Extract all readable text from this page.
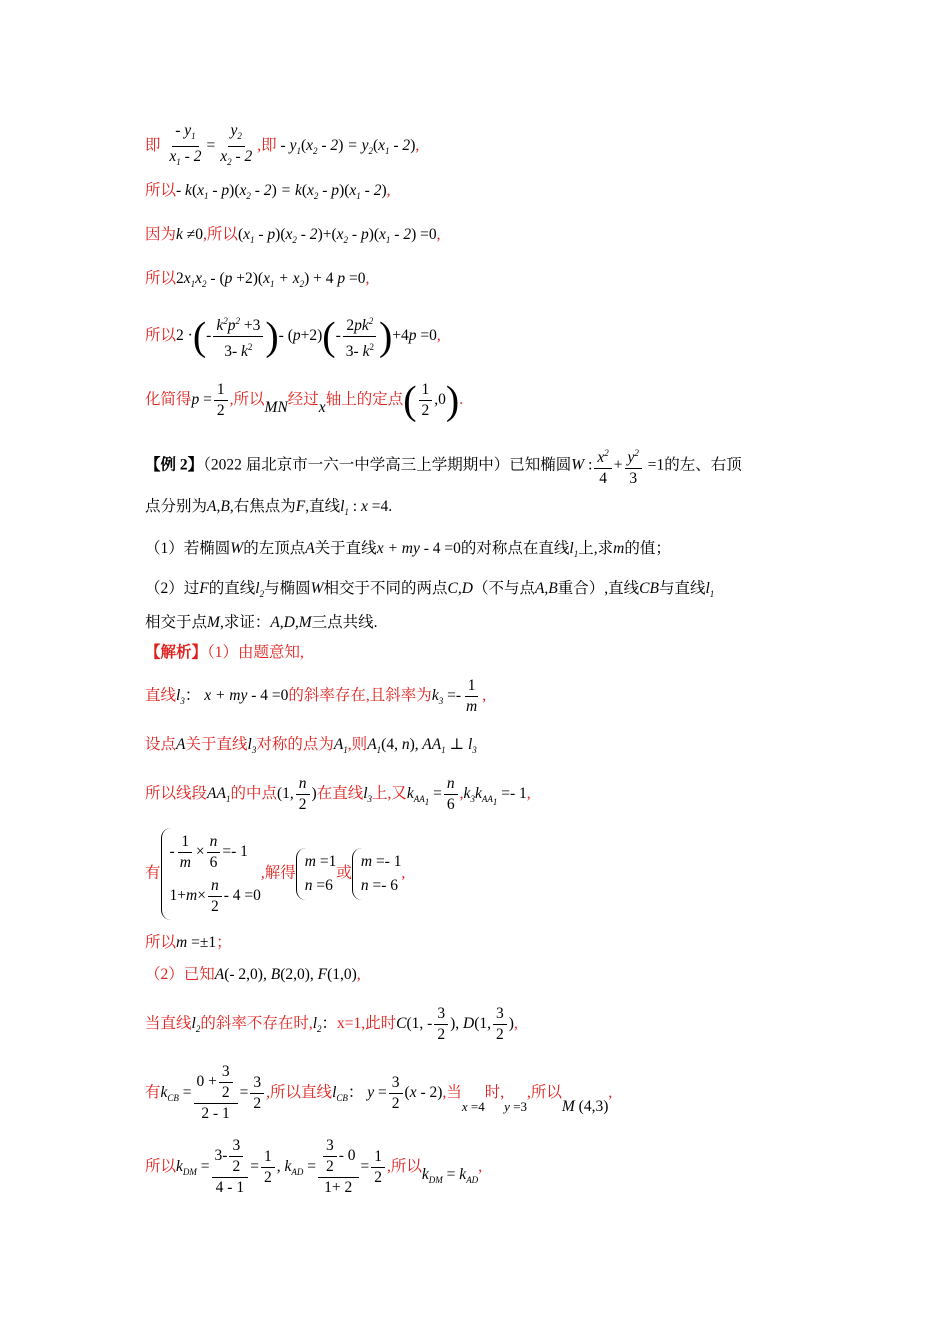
即 $\frac{- y_1}{x_1 - 2} = \frac{y_2}{x_2 - 2}$ ,即 - $y_1(x_2 - 2) = y_2(x_1 - 2)$,
所以- $k(x_1 - p)(x_2 - 2) = k(x_2 - p)(x_1 - 2)$,
因为k ≠0,所以$(x_1 - p)(x_2 - 2)+(x_2 - p)(x_1 - 2) =0$,
所以$2x_1x_2 - (p +2)(x_1 + x_2) + 4$ p =0,
所以2 ·(- $\frac{k^2p^2 +3}{3- k^2}$ )- $(p+2)(- \frac{2pk^2}{3- k^2} )+4p =0$,
化简得$p = \frac{1}{2}$ ,所以MN经过x轴上的定点( $\frac{1}{2} ,0$).
【例 2】（2022 届北京市一六一中学高三上学期期中）已知椭圆W : $\frac{x^2}{4} + \frac{y^2}{3} =1$的左、右顶
点分别为A,B,右焦点为F,直线$l_1$ : x =4.
（1）若椭圆W的左顶点A关于直线x + my - 4 =0的对称点在直线$l_1$上,求m的值；
（2）过F的直线$l_2$与椭圆W相交于不同的两点C,D（不与点A,B重合）,直线CB与直线$l_1$
相交于点M,求证：A,D,M三点共线.
【解析】（1）由题意知,
直线$l_3$： x + my - 4 =0的斜率存在,且斜率为$k_3 =- \frac{1}{m}$ ,
设点A关于直线$l_3$对称的点为$A_1$,则$A_1(4$, n), $AA_1$ ⊥ $l_3$
所以线段$AA_1$的中点(1, $\frac{n}{2}$ )在直线$l_3$上,又$k_{AA_1} = \frac{n}{6} ,k_3k_{AA_1} =- 1$,
有
- $\frac{1}{m} \times \frac{n}{6} =- 1$
$1+m\times \frac{n}{2} - 4 =0$
,解得
m =1
n =6
或
m =- 1
n =- 6
,
所以m =±1；
（2）已知A(- 2,0), B(2,0), F(1,0),
当直线$l_2$的斜率不存在时$,l_2$：x=1,此时C(1, - $\frac{3}{2}$ ), D(1, $\frac{3}{2}$ ),
有$k_{CB} = \frac{0 + \frac{3}{2}}{2 - 1} = \frac{3}{2}$ ,所以直线$l_{CB}$： $y = \frac{3}{2} (x - 2)$,当$_{x =4}$时$,_{y =3}$,所以M (4,3),
所以$k_{DM} = \frac{3- \frac{3}{2}}{4 - 1} = \frac{1}{2}$ , $k_{AD} = \frac{\frac{3}{2} - 0}{1+ 2} = \frac{1}{2}$ ,所以$k_{DM} = k_{AD}$,
